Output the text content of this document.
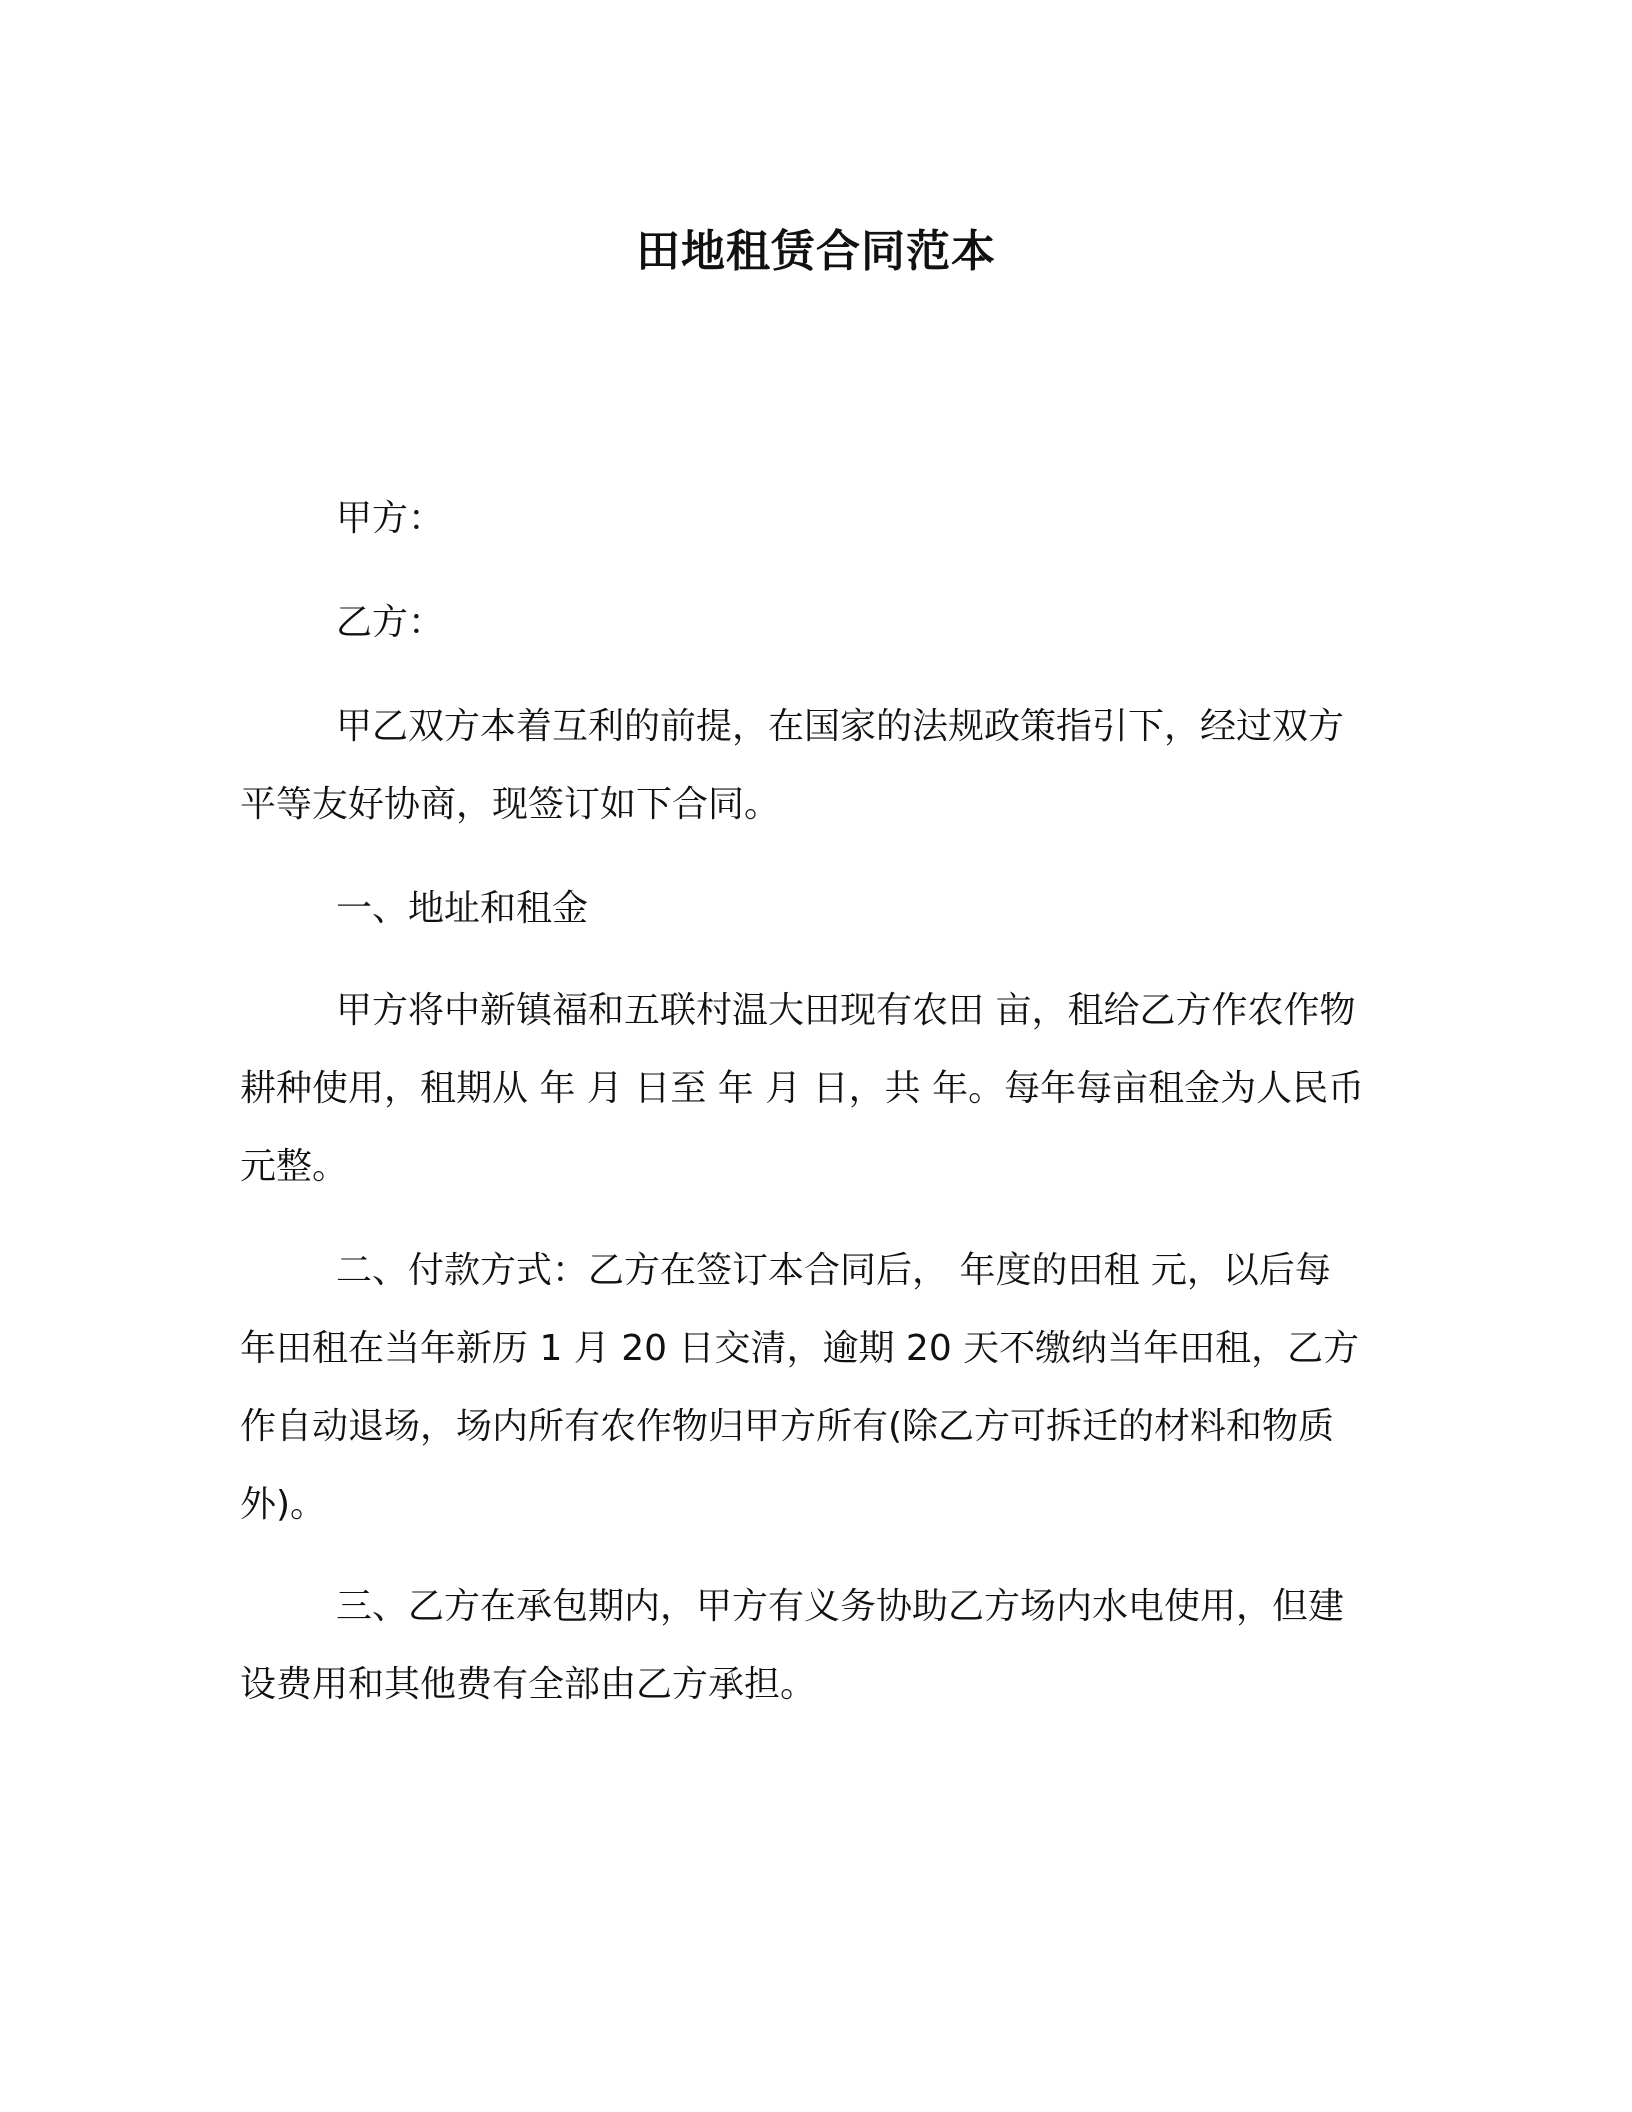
田地租赁合同范本
甲方：
乙方：
甲乙双方本着互利的前提，在国家的法规政策指引下，经过双方
平等友好协商，现签订如下合同。
一、地址和租金
甲方将中新镇福和五联村温大田现有农田 亩，租给乙方作农作物
耕种使用，租期从 年 月 日至 年 月 日，共 年。每年每亩租金为人民币
元整。
二、付款方式：乙方在签订本合同后， 年度的田租 元，以后每
年田租在当年新历 1 月 20 日交清，逾期 20 天不缴纳当年田租，乙方
作自动退场，场内所有农作物归甲方所有(除乙方可拆迁的材料和物质
外)。
三、乙方在承包期内，甲方有义务协助乙方场内水电使用，但建
设费用和其他费有全部由乙方承担。
